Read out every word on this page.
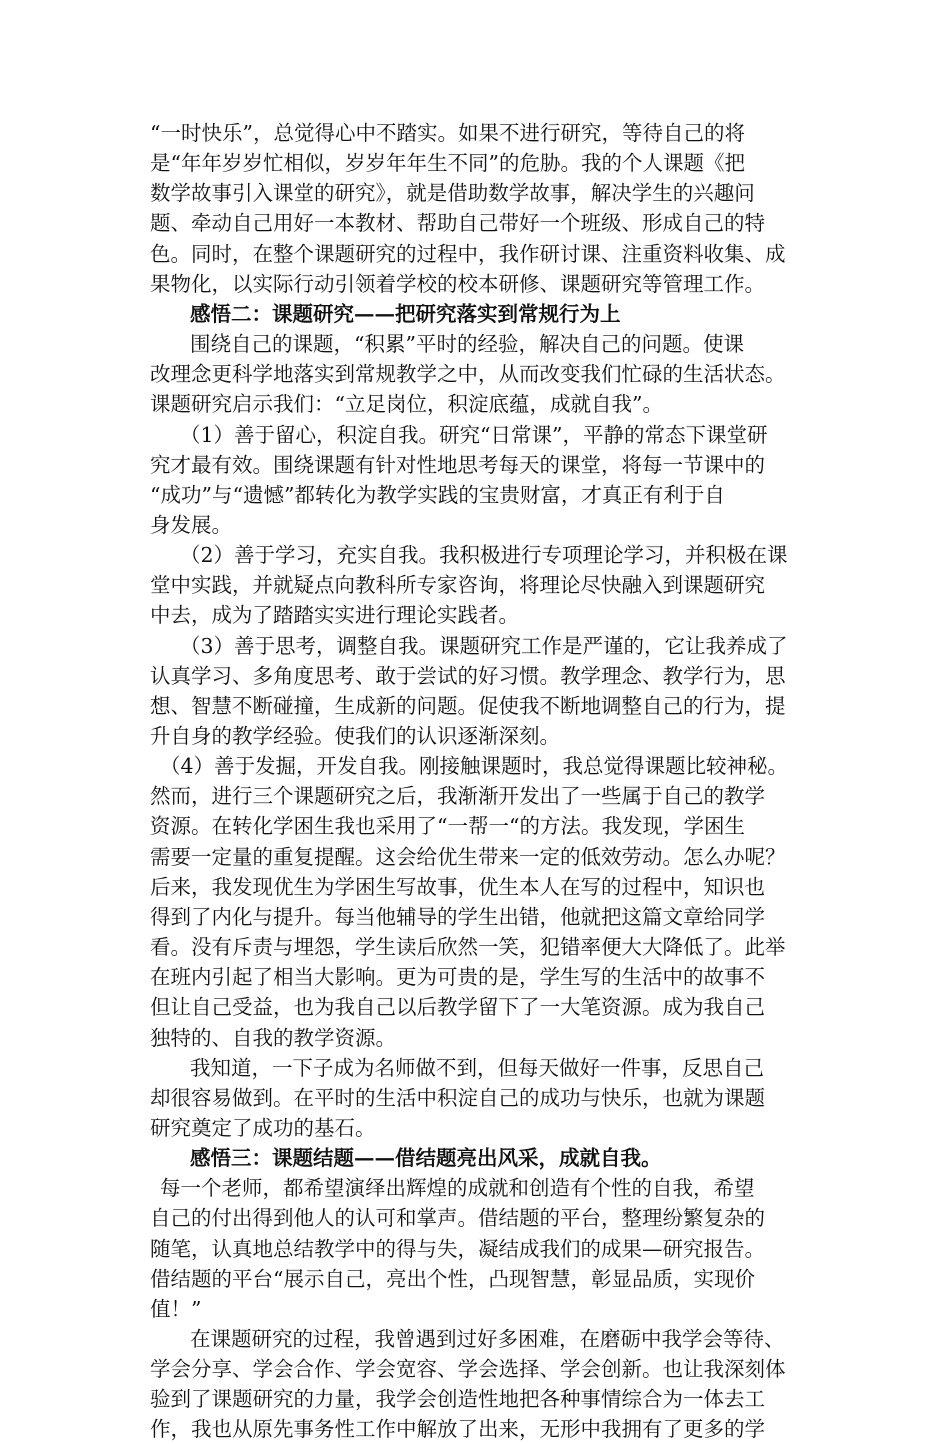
“一时快乐”，总觉得心中不踏实。如果不进行研究，等待自己的将
是“年年岁岁忙相似，岁岁年年生不同”的危胁。我的个人课题《把
数学故事引入课堂的研究》，就是借助数学故事，解决学生的兴趣问
题、牵动自己用好一本教材、帮助自己带好一个班级、形成自己的特
色。同时，在整个课题研究的过程中，我作研讨课、注重资料收集、成
果物化，以实际行动引领着学校的校本研修、课题研究等管理工作。
感悟二：课题研究——把研究落实到常规行为上
围绕自己的课题，“积累”平时的经验，解决自己的问题。使课
改理念更科学地落实到常规教学之中，从而改变我们忙碌的生活状态。
课题研究启示我们：“立足岗位，积淀底蕴，成就自我”。
（1）善于留心，积淀自我。研究“日常课”，平静的常态下课堂研
究才最有效。围绕课题有针对性地思考每天的课堂，将每一节课中的
“成功”与“遗憾”都转化为教学实践的宝贵财富，才真正有利于自
身发展。
（2）善于学习，充实自我。我积极进行专项理论学习，并积极在课
堂中实践，并就疑点向教科所专家咨询，将理论尽快融入到课题研究
中去，成为了踏踏实实进行理论实践者。
（3）善于思考，调整自我。课题研究工作是严谨的，它让我养成了
认真学习、多角度思考、敢于尝试的好习惯。教学理念、教学行为，思
想、智慧不断碰撞，生成新的问题。促使我不断地调整自己的行为，提
升自身的教学经验。使我们的认识逐渐深刻。
（4）善于发掘，开发自我。刚接触课题时，我总觉得课题比较神秘。
然而，进行三个课题研究之后，我渐渐开发出了一些属于自己的教学
资源。在转化学困生我也采用了“一帮一“的方法。我发现，学困生
需要一定量的重复提醒。这会给优生带来一定的低效劳动。怎么办呢？
后来，我发现优生为学困生写故事，优生本人在写的过程中，知识也
得到了内化与提升。每当他辅导的学生出错，他就把这篇文章给同学
看。没有斥责与埋怨，学生读后欣然一笑，犯错率便大大降低了。此举
在班内引起了相当大影响。更为可贵的是，学生写的生活中的故事不
但让自己受益，也为我自己以后教学留下了一大笔资源。成为我自己
独特的、自我的教学资源。
我知道，一下子成为名师做不到，但每天做好一件事，反思自己
却很容易做到。在平时的生活中积淀自己的成功与快乐，也就为课题
研究奠定了成功的基石。
感悟三：课题结题——借结题亮出风采，成就自我。
每一个老师，都希望演绎出辉煌的成就和创造有个性的自我，希望
自己的付出得到他人的认可和掌声。借结题的平台，整理纷繁复杂的
随笔，认真地总结教学中的得与失，凝结成我们的成果—研究报告。
借结题的平台“展示自己，亮出个性，凸现智慧，彰显品质，实现价
值！”
在课题研究的过程，我曾遇到过好多困难，在磨砺中我学会等待、
学会分享、学会合作、学会宽容、学会选择、学会创新。也让我深刻体
验到了课题研究的力量，我学会创造性地把各种事情综合为一体去工
作，我也从原先事务性工作中解放了出来，无形中我拥有了更多的学
